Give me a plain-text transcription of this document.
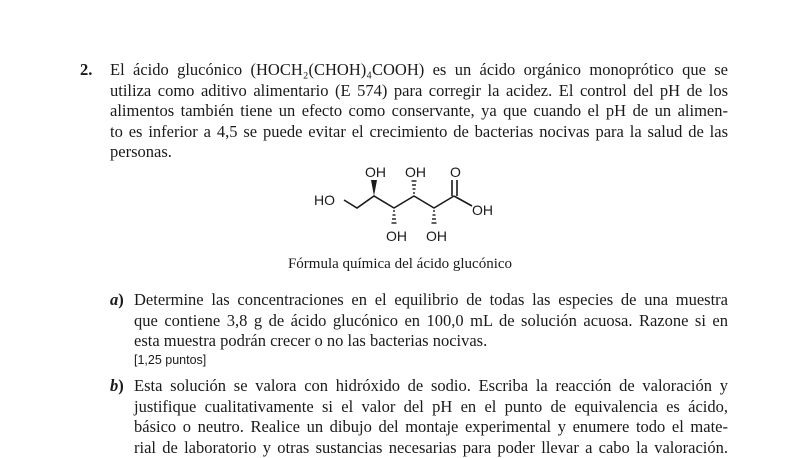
2. El ácido glucónico (HOCH₂(CHOH)₄COOH) es un ácido orgánico monoprótico que se
utiliza como aditivo alimentario (E 574) para corregir la acidez. El control del pH de los
alimentos también tiene un efecto como conservante, ya que cuando el pH de un alimen-
to es inferior a 4,5 se puede evitar el crecimiento de bacterias nocivas para la salud de las
personas.
HO
OH OH O
OH
OH OH
Fórmula química del ácido glucónico
a) Determine las concentraciones en el equilibrio de todas las especies de una muestra
que contiene 3,8 g de ácido glucónico en 100,0 mL de solución acuosa. Razone si en
esta muestra podrán crecer o no las bacterias nocivas.
[1,25 puntos]
b) Esta solución se valora con hidróxido de sodio. Escriba la reacción de valoración y
justifique cualitativamente si el valor del pH en el punto de equivalencia es ácido,
básico o neutro. Realice un dibujo del montaje experimental y enumere todo el mate-
rial de laboratorio y otras sustancias necesarias para poder llevar a cabo la valoración.
